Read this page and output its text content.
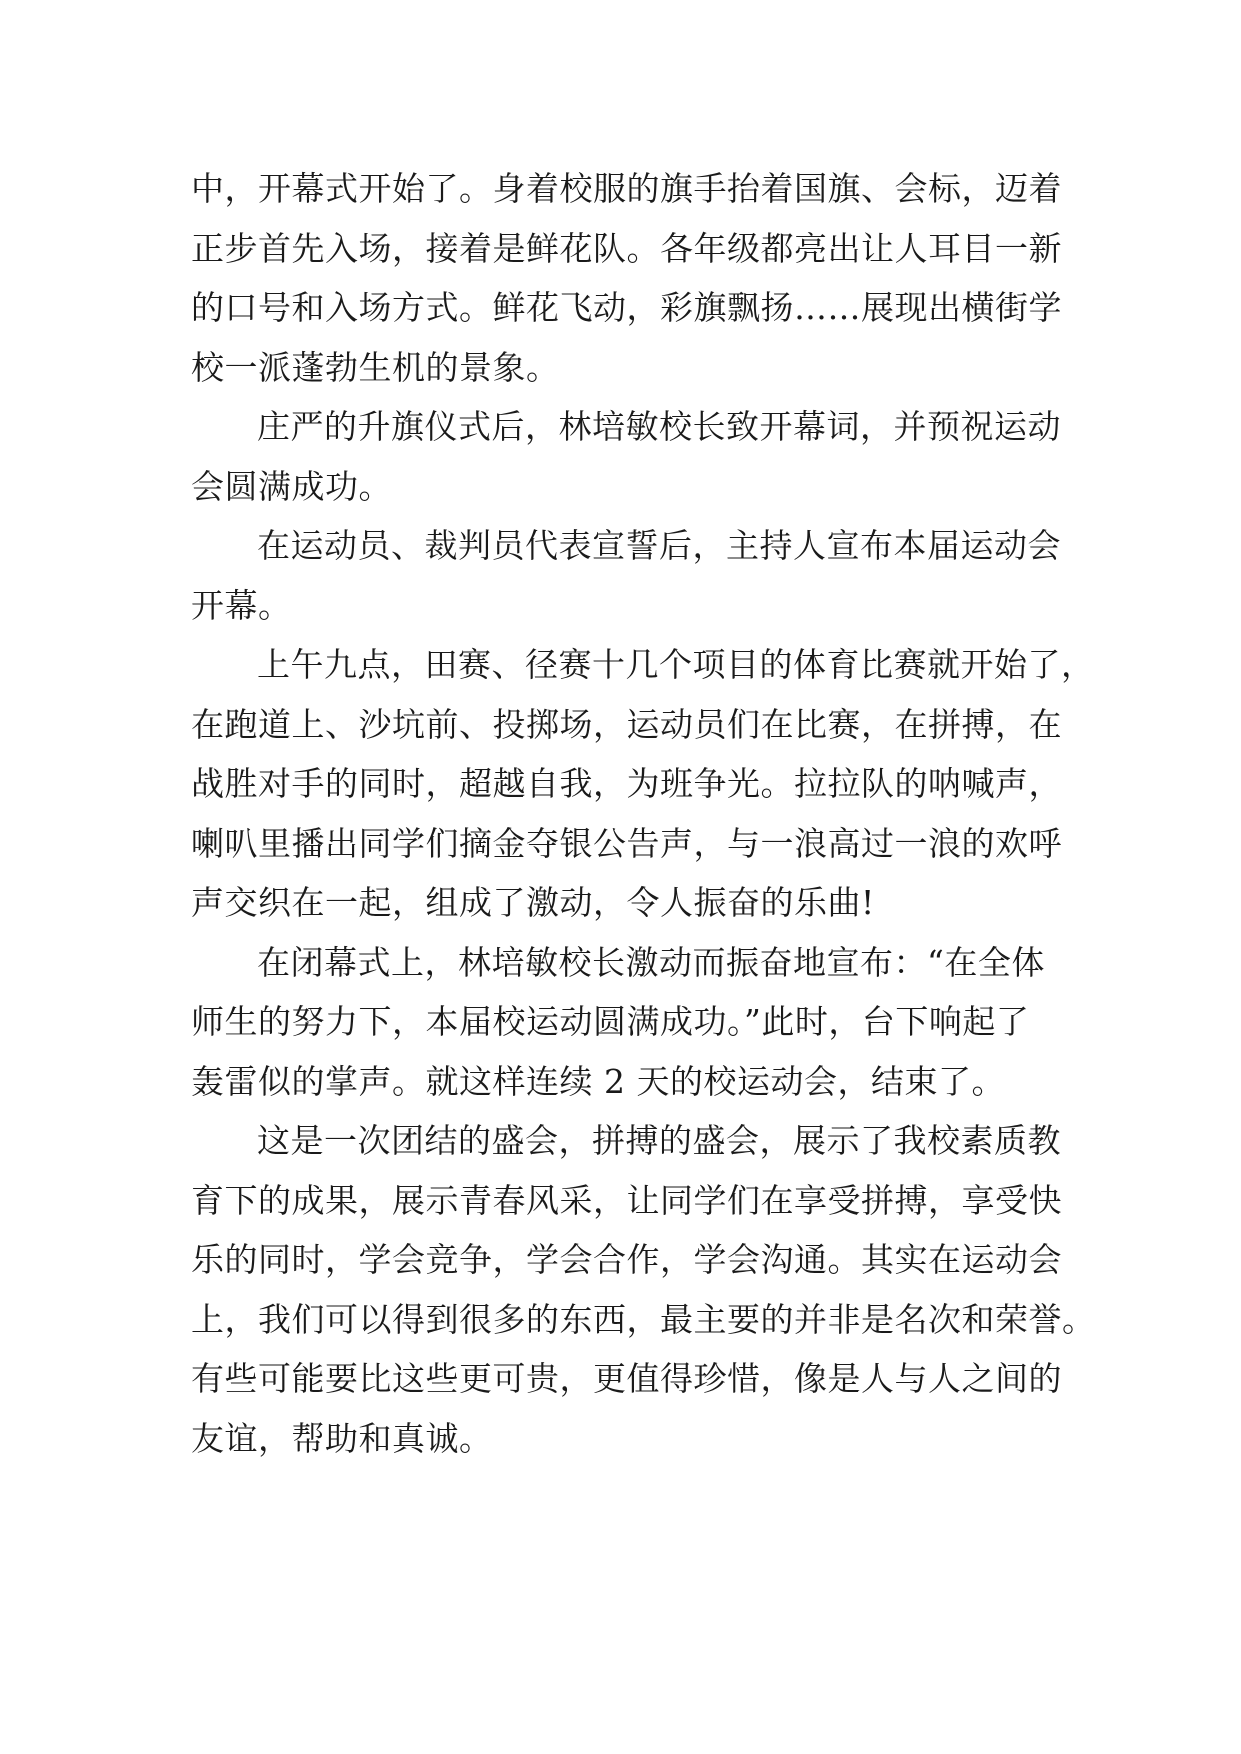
中，开幕式开始了。身着校服的旗手抬着国旗、会标，迈着
正步首先入场，接着是鲜花队。各年级都亮出让人耳目一新
的口号和入场方式。鲜花飞动，彩旗飘扬……展现出横街学
校一派蓬勃生机的景象。
庄严的升旗仪式后，林培敏校长致开幕词，并预祝运动
会圆满成功。
在运动员、裁判员代表宣誓后，主持人宣布本届运动会
开幕。
上午九点，田赛、径赛十几个项目的体育比赛就开始了，
在跑道上、沙坑前、投掷场，运动员们在比赛，在拼搏，在
战胜对手的同时，超越自我，为班争光。拉拉队的呐喊声，
喇叭里播出同学们摘金夺银公告声，与一浪高过一浪的欢呼
声交织在一起，组成了激动，令人振奋的乐曲!
在闭幕式上，林培敏校长激动而振奋地宣布：“在全体
师生的努力下，本届校运动圆满成功。”此时，台下响起了
轰雷似的掌声。就这样连续 2 天的校运动会，结束了。
这是一次团结的盛会，拼搏的盛会，展示了我校素质教
育下的成果，展示青春风采，让同学们在享受拼搏，享受快
乐的同时，学会竞争，学会合作，学会沟通。其实在运动会
上，我们可以得到很多的东西，最主要的并非是名次和荣誉。
有些可能要比这些更可贵，更值得珍惜，像是人与人之间的
友谊，帮助和真诚。
